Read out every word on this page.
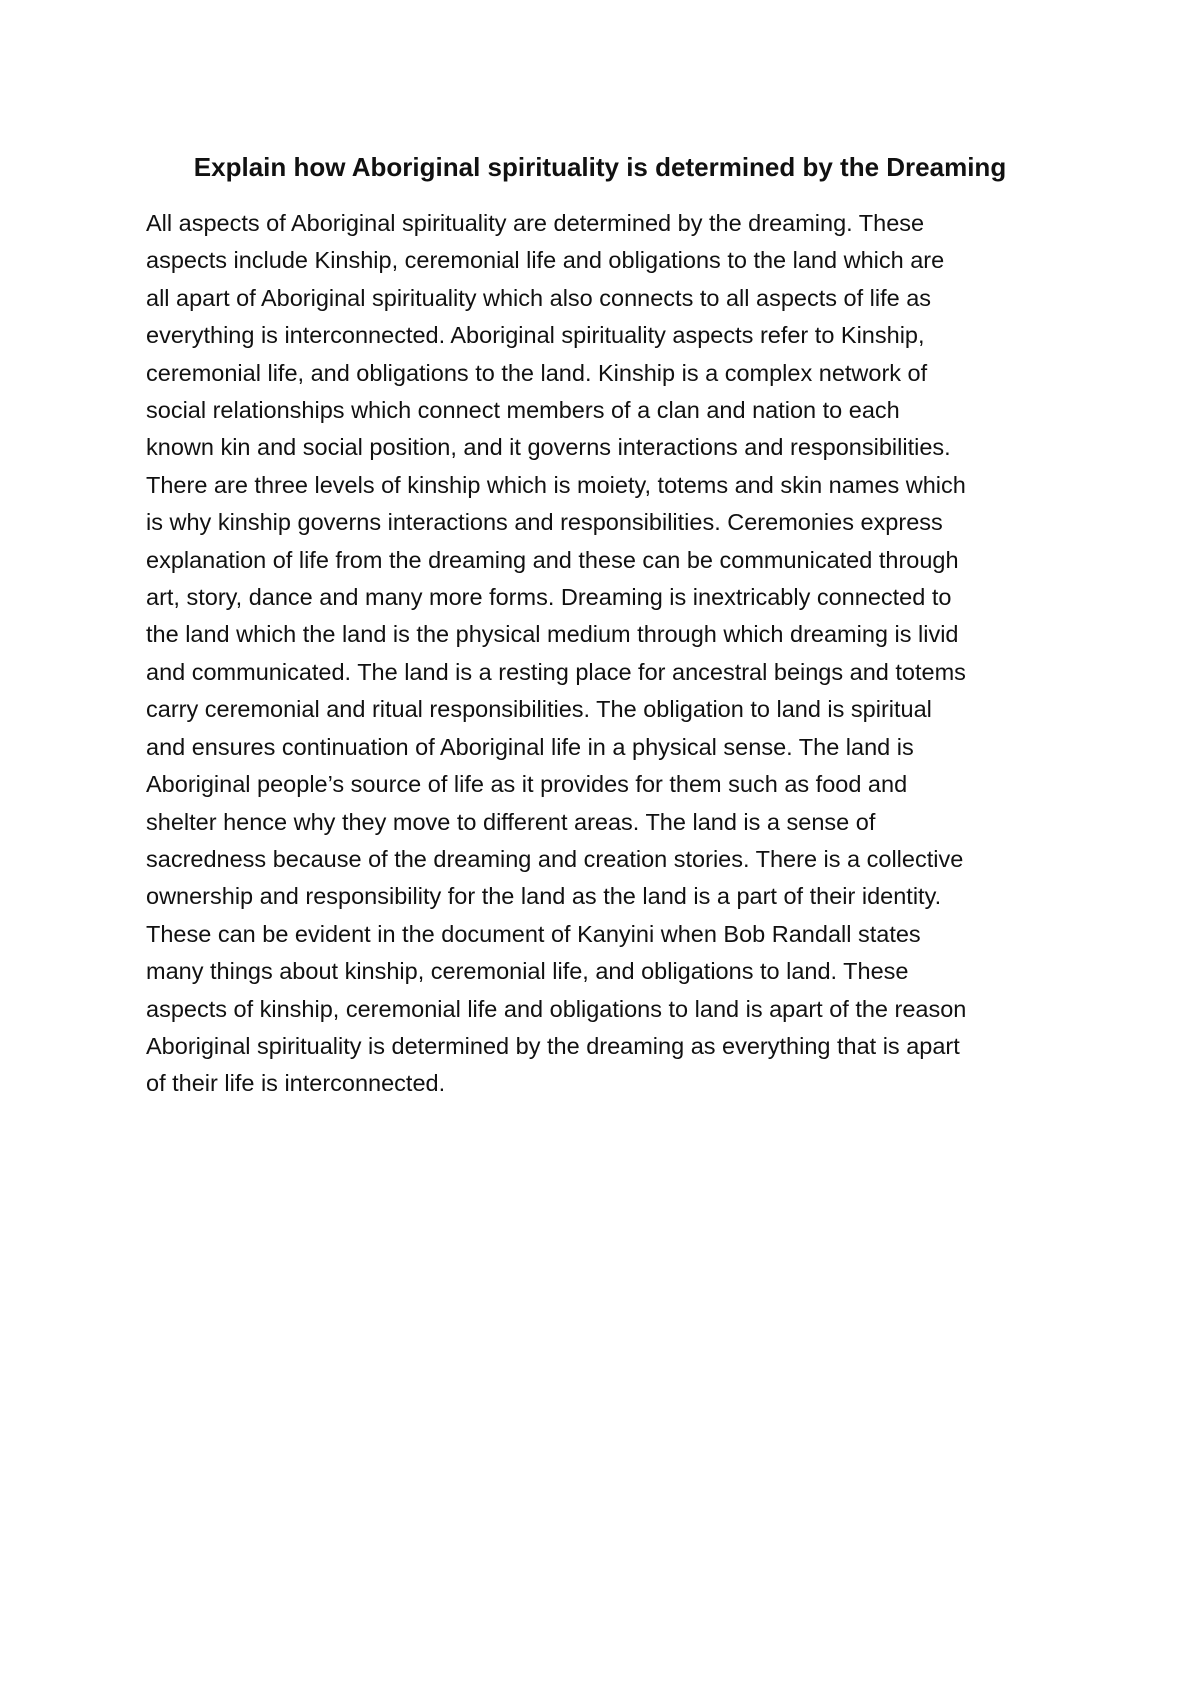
Explain how Aboriginal spirituality is determined by the Dreaming
All aspects of Aboriginal spirituality are determined by the dreaming. These
aspects include Kinship, ceremonial life and obligations to the land which are
all apart of Aboriginal spirituality which also connects to all aspects of life as
everything is interconnected. Aboriginal spirituality aspects refer to Kinship,
ceremonial life, and obligations to the land. Kinship is a complex network of
social relationships which connect members of a clan and nation to each
known kin and social position, and it governs interactions and responsibilities.
There are three levels of kinship which is moiety, totems and skin names which
is why kinship governs interactions and responsibilities. Ceremonies express
explanation of life from the dreaming and these can be communicated through
art, story, dance and many more forms. Dreaming is inextricably connected to
the land which the land is the physical medium through which dreaming is livid
and communicated. The land is a resting place for ancestral beings and totems
carry ceremonial and ritual responsibilities. The obligation to land is spiritual
and ensures continuation of Aboriginal life in a physical sense. The land is
Aboriginal people’s source of life as it provides for them such as food and
shelter hence why they move to different areas. The land is a sense of
sacredness because of the dreaming and creation stories. There is a collective
ownership and responsibility for the land as the land is a part of their identity.
These can be evident in the document of Kanyini when Bob Randall states
many things about kinship, ceremonial life, and obligations to land. These
aspects of kinship, ceremonial life and obligations to land is apart of the reason
Aboriginal spirituality is determined by the dreaming as everything that is apart
of their life is interconnected.
